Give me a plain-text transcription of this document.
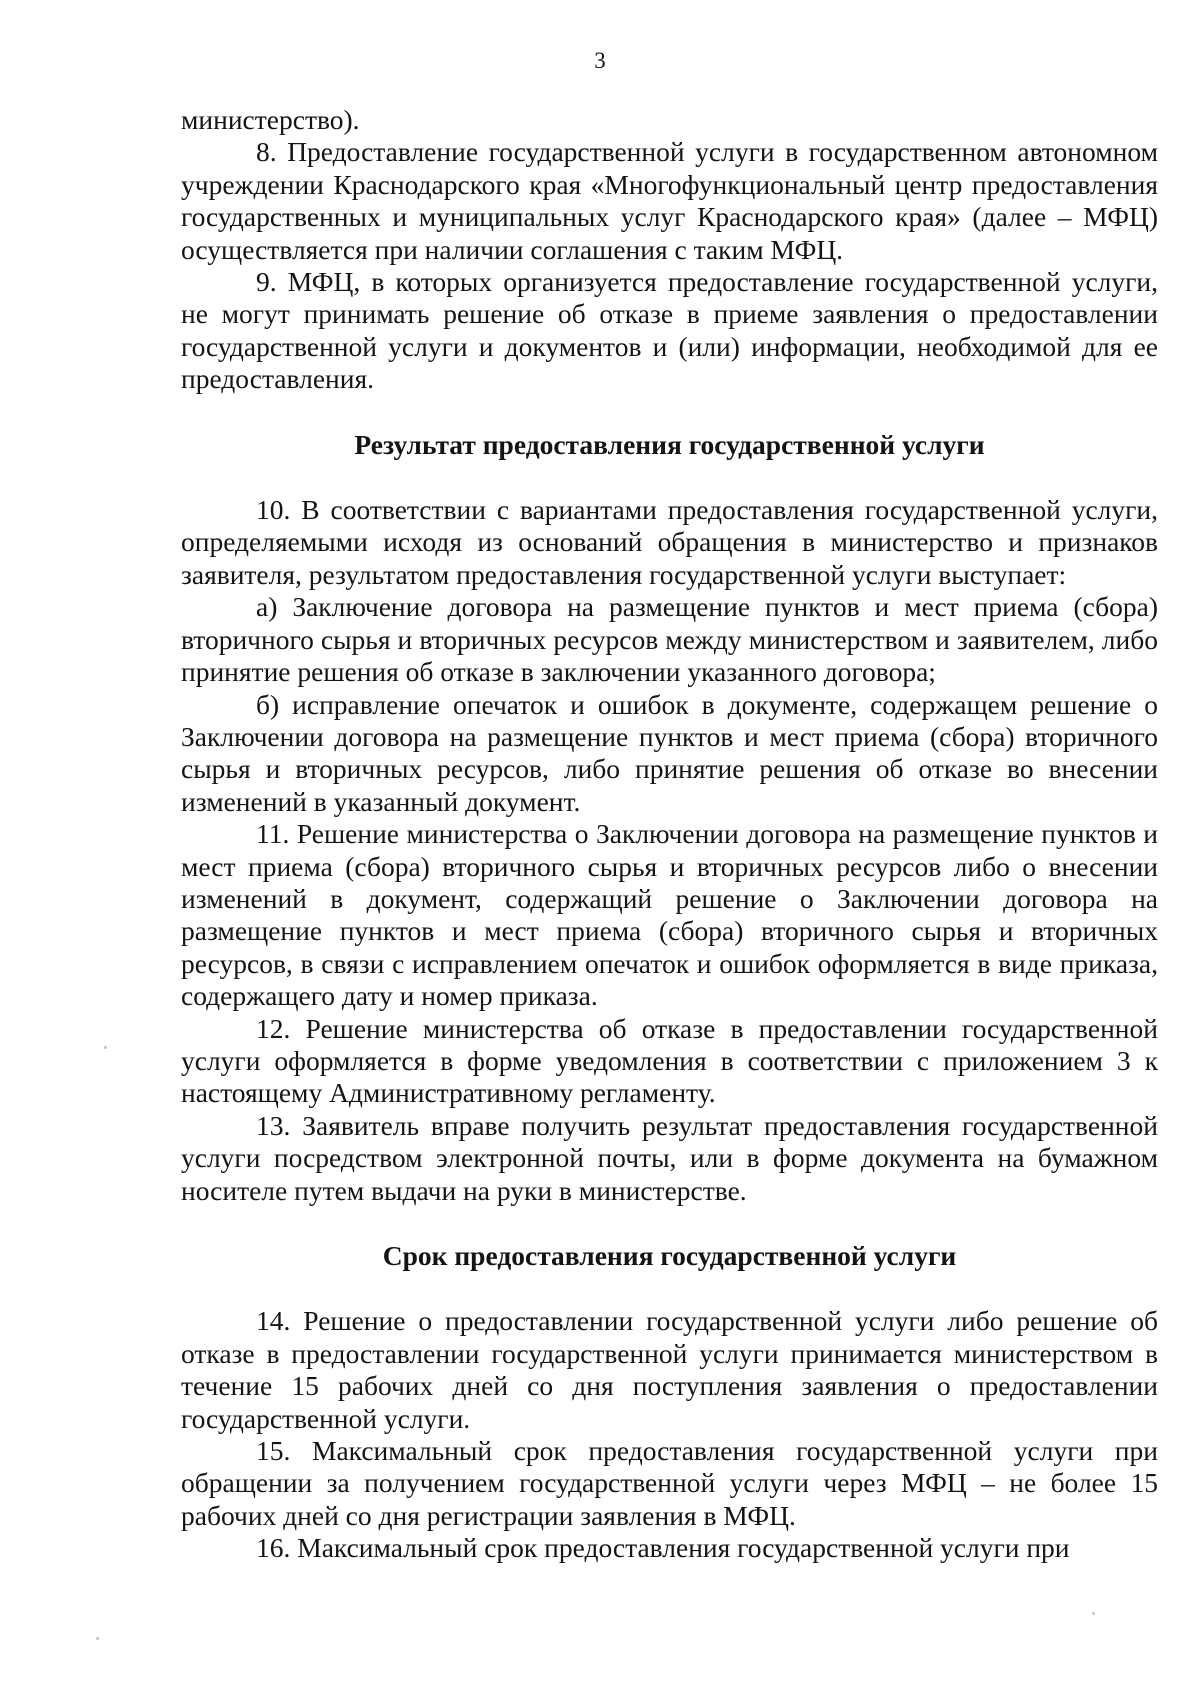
3

министерство).

8. Предоставление государственной услуги в государственном автономном учреждении Краснодарского края «Многофункциональный центр предоставления государственных и муниципальных услуг Краснодарского края» (далее – МФЦ) осуществляется при наличии соглашения с таким МФЦ.

9. МФЦ, в которых организуется предоставление государственной услуги, не могут принимать решение об отказе в приеме заявления о предоставлении государственной услуги и документов и (или) информации, необходимой для ее предоставления.

Результат предоставления государственной услуги

10. В соответствии с вариантами предоставления государственной услуги, определяемыми исходя из оснований обращения в министерство и признаков заявителя, результатом предоставления государственной услуги выступает:

а) Заключение договора на размещение пунктов и мест приема (сбора) вторичного сырья и вторичных ресурсов между министерством и заявителем, либо принятие решения об отказе в заключении указанного договора;

б) исправление опечаток и ошибок в документе, содержащем решение о Заключении договора на размещение пунктов и мест приема (сбора) вторичного сырья и вторичных ресурсов, либо принятие решения об отказе во внесении изменений в указанный документ.

11. Решение министерства о Заключении договора на размещение пунктов и мест приема (сбора) вторичного сырья и вторичных ресурсов либо о внесении изменений в документ, содержащий решение о Заключении договора на размещение пунктов и мест приема (сбора) вторичного сырья и вторичных ресурсов, в связи с исправлением опечаток и ошибок оформляется в виде приказа, содержащего дату и номер приказа.

12. Решение министерства об отказе в предоставлении государственной услуги оформляется в форме уведомления в соответствии с приложением 3 к настоящему Административному регламенту.

13. Заявитель вправе получить результат предоставления государственной услуги посредством электронной почты, или в форме документа на бумажном носителе путем выдачи на руки в министерстве.

Срок предоставления государственной услуги

14. Решение о предоставлении государственной услуги либо решение об отказе в предоставлении государственной услуги принимается министерством в течение 15 рабочих дней со дня поступления заявления о предоставлении государственной услуги.

15. Максимальный срок предоставления государственной услуги при обращении за получением государственной услуги через МФЦ – не более 15 рабочих дней со дня регистрации заявления в МФЦ.

16. Максимальный срок предоставления государственной услуги при
